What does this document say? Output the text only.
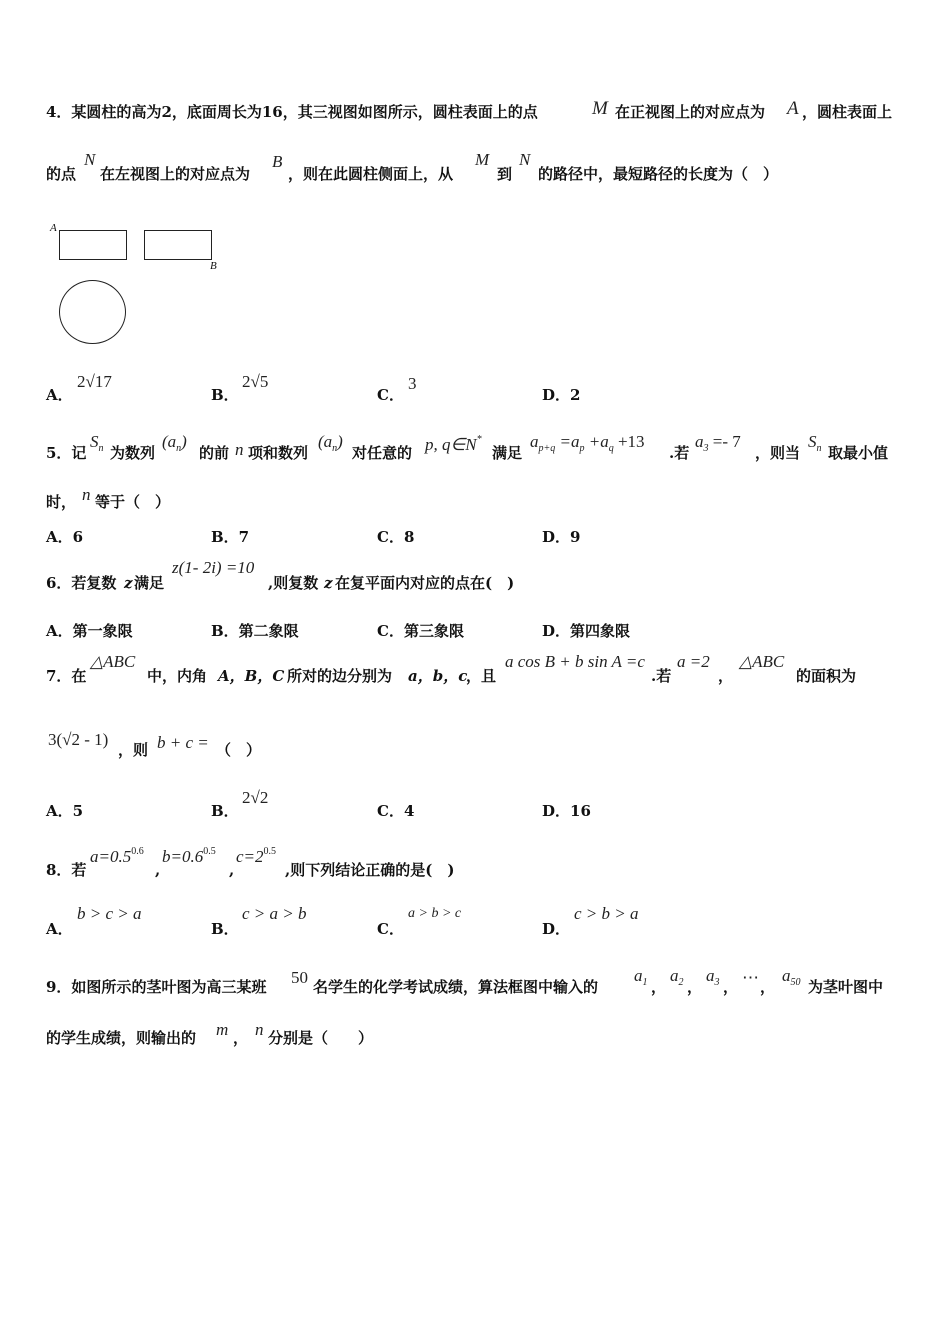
4．某圆柱的高为2，底面周长为16，其三视图如图所示，圆柱表面上的点	M 在正视图上的对应点为 A ，圆柱表面上
的点
N
在左视图上的对应点为
B
，则在此圆柱侧面上，从
M
到
N
的路径中，最短路径的长度为（　）
A
B
A．
2√17
B．
2√5
C．
3
D．2
5．记
$S_n$ 为数列
$(a_n)$
的前 n 项和数列
$(a_n)$
对任意的 p, q∈N*
满足
$a_{p+q} =a_p +a_q +13$
.若
$a_3 =- 7$
，则当
$S_n$ 取最小值
时， n 等于（　）
A．6	B．7	C．8	D．9
6．若复数 z 满足
z(1- 2i) =10
,则复数 z 在复平面内对应的点在(　)
A．第一象限	B．第二象限	C．第三象限	D．第四象限
7．在
△ABC
中，内角 A，B，C 所对的边分别为 a，b，c
，且
a cos B + b sin A =c
.若
a =2
，
△ABC
的面积为
3(√2 - 1)
，则 b + c = （　）
A．5	B．
2√2
C．4	D．16
8．若
$a=0.5^{0.6}$
,
$b=0.6^{0.5}$
,
$c=2^{0.5}$
,则下列结论正确的是(　)
A．
b > c > a
B．
c > a > b
C．
a > b > c
D．
c > b > a
9．如图所示的茎叶图为高三某班 50 名学生的化学考试成绩，算法框图中输入的
$a_1$ ，
$a_2$ ，
$a_3$ ， ⋯ ，
$a_{50}$ 为茎叶图中
的学生成绩，则输出的 m ， n 分别是（　　）
